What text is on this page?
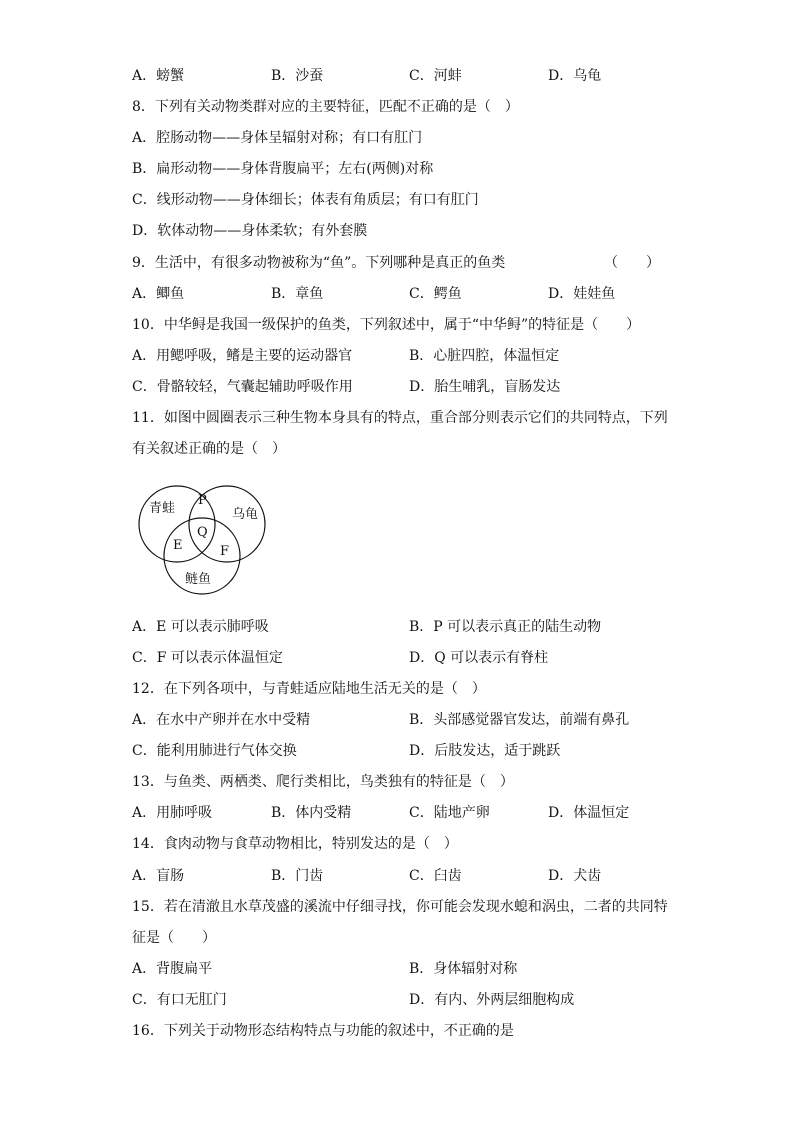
A．螃蟹	B．沙蚕	C．河蚌	D．乌龟
8．下列有关动物类群对应的主要特征，匹配不正确的是（　）
A．腔肠动物——身体呈辐射对称；有口有肛门
B．扁形动物——身体背腹扁平；左右(两侧)对称
C．线形动物——身体细长；体表有角质层；有口有肛门
D．软体动物——身体柔软；有外套膜
9．生活中，有很多动物被称为“鱼”。下列哪种是真正的鱼类	（　　）
A．鲫鱼	B．章鱼	C．鳄鱼	D．娃娃鱼
10．中华鲟是我国一级保护的鱼类，下列叙述中，属于“中华鲟”的特征是（　　）
A．用鳃呼吸，鳍是主要的运动器官	B．心脏四腔，体温恒定
C．骨骼较轻，气囊起辅助呼吸作用	D．胎生哺乳，盲肠发达
11．如图中圆圈表示三种生物本身具有的特点，重合部分则表示它们的共同特点，下列
有关叙述正确的是（　）
青蛙	乌龟
鲢鱼
P
Q
E	F
A．E 可以表示肺呼吸	B．P 可以表示真正的陆生动物
C．F 可以表示体温恒定	D．Q 可以表示有脊柱
12．在下列各项中，与青蛙适应陆地生活无关的是（　）
A．在水中产卵并在水中受精	B．头部感觉器官发达，前端有鼻孔
C．能利用肺进行气体交换	D．后肢发达，适于跳跃
13．与鱼类、两栖类、爬行类相比，鸟类独有的特征是（　）
A．用肺呼吸	B．体内受精	C．陆地产卵	D．体温恒定
14．食肉动物与食草动物相比，特别发达的是（　）
A．盲肠	B．门齿	C．臼齿	D．犬齿
15．若在清澈且水草茂盛的溪流中仔细寻找，你可能会发现水螅和涡虫，二者的共同特
征是（　　）
A．背腹扁平	B．身体辐射对称
C．有口无肛门	D．有内、外两层细胞构成
16．下列关于动物形态结构特点与功能的叙述中，不正确的是
